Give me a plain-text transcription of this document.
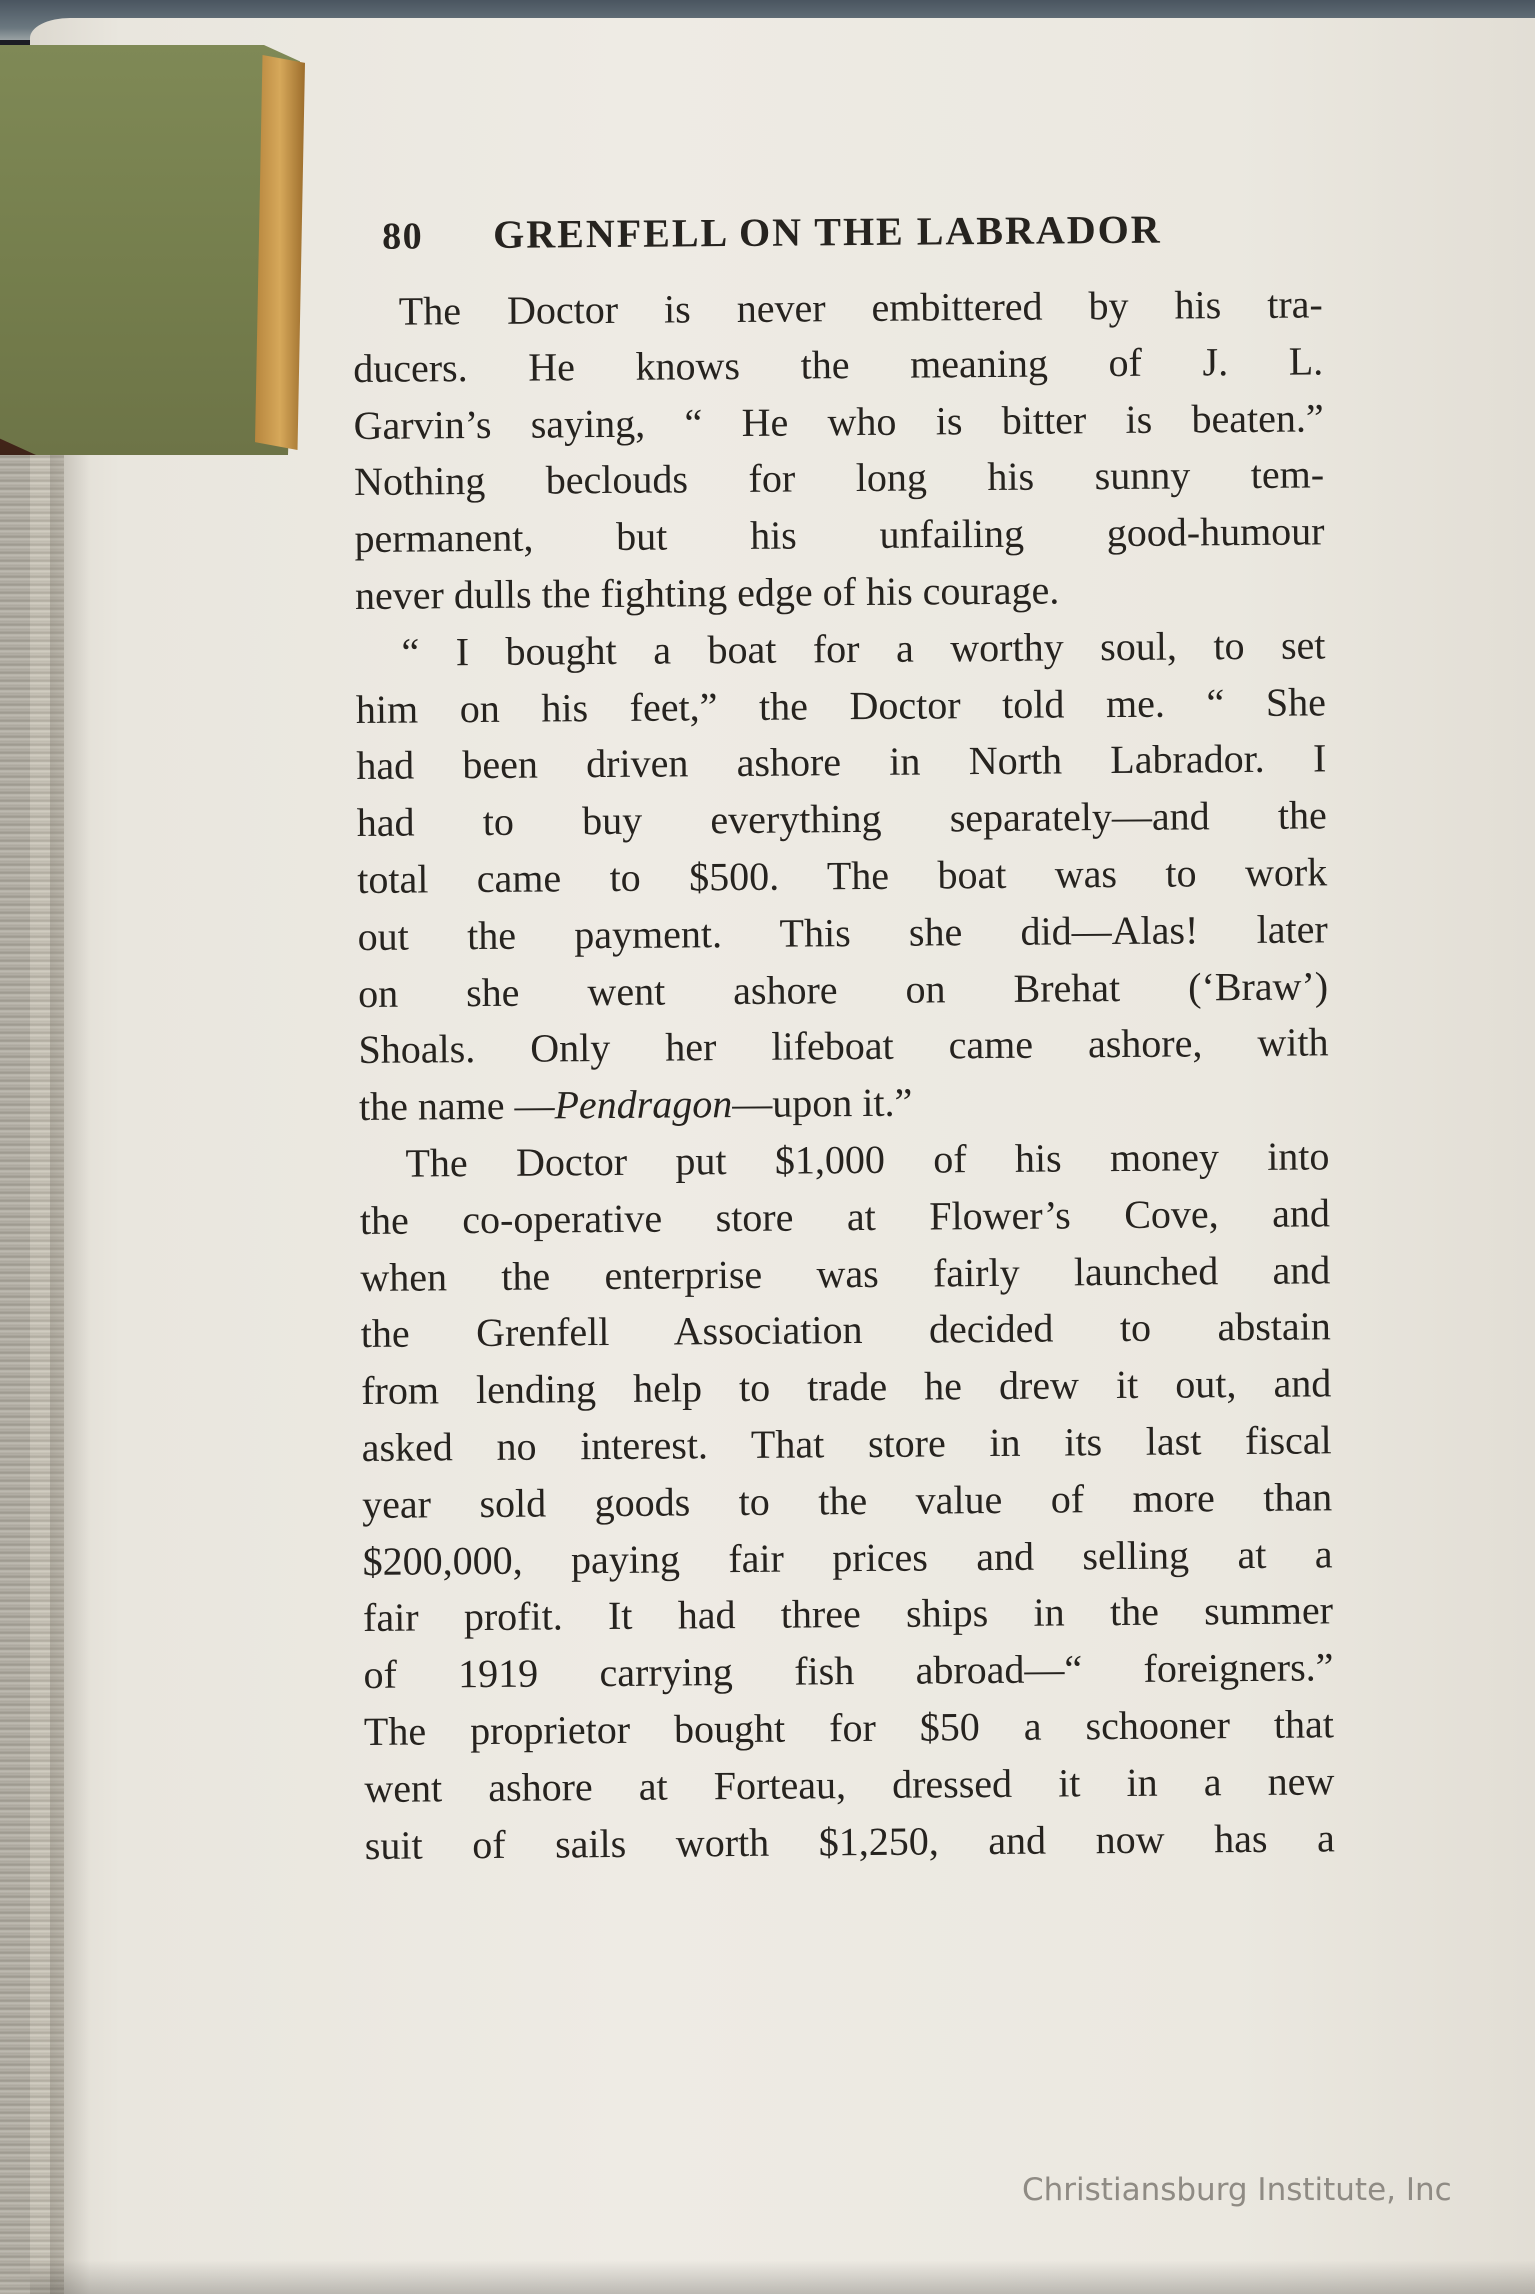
80 GRENFELL ON THE LABRADOR
The Doctor is never embittered by his tra-
ducers. He knows the meaning of J. L.
Garvin’s saying, “ He who is bitter is beaten.”
Nothing beclouds for long his sunny tem-
permanent, but his unfailing good-humour
never dulls the fighting edge of his courage.
“ I bought a boat for a worthy soul, to set
him on his feet,” the Doctor told me. “ She
had been driven ashore in North Labrador. I
had to buy everything separately—and the
total came to $500. The boat was to work
out the payment. This she did—Alas! later
on she went ashore on Brehat (‘Braw’)
Shoals. Only her lifeboat came ashore, with
the name —Pendragon—upon it.”
The Doctor put $1,000 of his money into
the co-operative store at Flower’s Cove, and
when the enterprise was fairly launched and
the Grenfell Association decided to abstain
from lending help to trade he drew it out, and
asked no interest. That store in its last fiscal
year sold goods to the value of more than
$200,000, paying fair prices and selling at a
fair profit. It had three ships in the summer
of 1919 carrying fish abroad—“ foreigners.”
The proprietor bought for $50 a schooner that
went ashore at Forteau, dressed it in a new
suit of sails worth $1,250, and now has a
Christiansburg Institute, Inc
